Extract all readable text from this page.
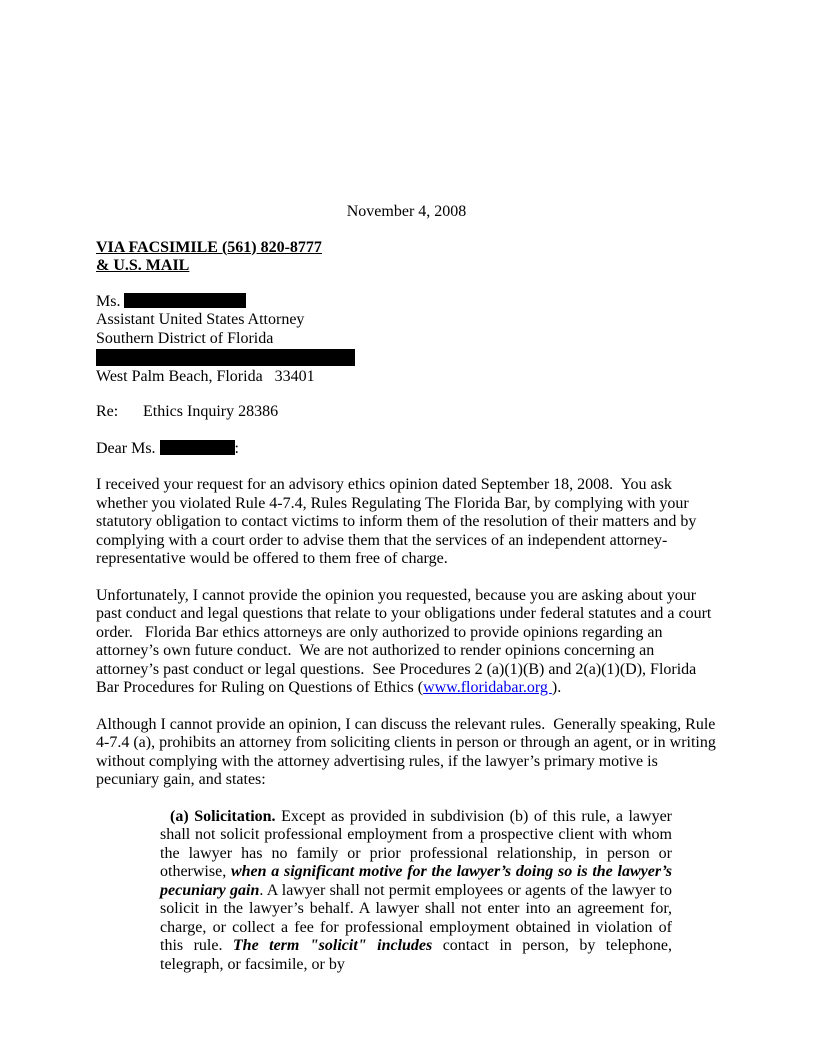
November 4, 2008
VIA FACSIMILE (561) 820-8777
& U.S. MAIL
Ms.
Assistant United States Attorney
Southern District of Florida
West Palm Beach, Florida   33401
Re: Ethics Inquiry 28386
Dear Ms.	:

I received your request for an advisory ethics opinion dated September 18, 2008.  You ask whether you violated Rule 4-7.4, Rules Regulating The Florida Bar, by complying with your statutory obligation to contact victims to inform them of the resolution of their matters and by complying with a court order to advise them that the services of an independent attorney-representative would be offered to them free of charge.

Unfortunately, I cannot provide the opinion you requested, because you are asking about your past conduct and legal questions that relate to your obligations under federal statutes and a court order.   Florida Bar ethics attorneys are only authorized to provide opinions regarding an attorney’s own future conduct.  We are not authorized to render opinions concerning an attorney’s past conduct or legal questions.  See Procedures 2 (a)(1)(B) and 2(a)(1)(D), Florida Bar Procedures for Ruling on Questions of Ethics (www.floridabar.org ).

Although I cannot provide an opinion, I can discuss the relevant rules.  Generally speaking, Rule 4-7.4 (a), prohibits an attorney from soliciting clients in person or through an agent, or in writing without complying with the attorney advertising rules, if the lawyer’s primary motive is pecuniary gain, and states:

(a) Solicitation. Except as provided in subdivision (b) of this rule, a lawyer shall not solicit professional employment from a prospective client with whom the lawyer has no family or prior professional relationship, in person or otherwise, when a significant motive for the lawyer’s doing so is the lawyer’s pecuniary gain. A lawyer shall not permit employees or agents of the lawyer to solicit in the lawyer’s behalf. A lawyer shall not enter into an agreement for, charge, or collect a fee for professional employment obtained in violation of this rule. The term "solicit" includes contact in person, by telephone, telegraph, or facsimile, or by
